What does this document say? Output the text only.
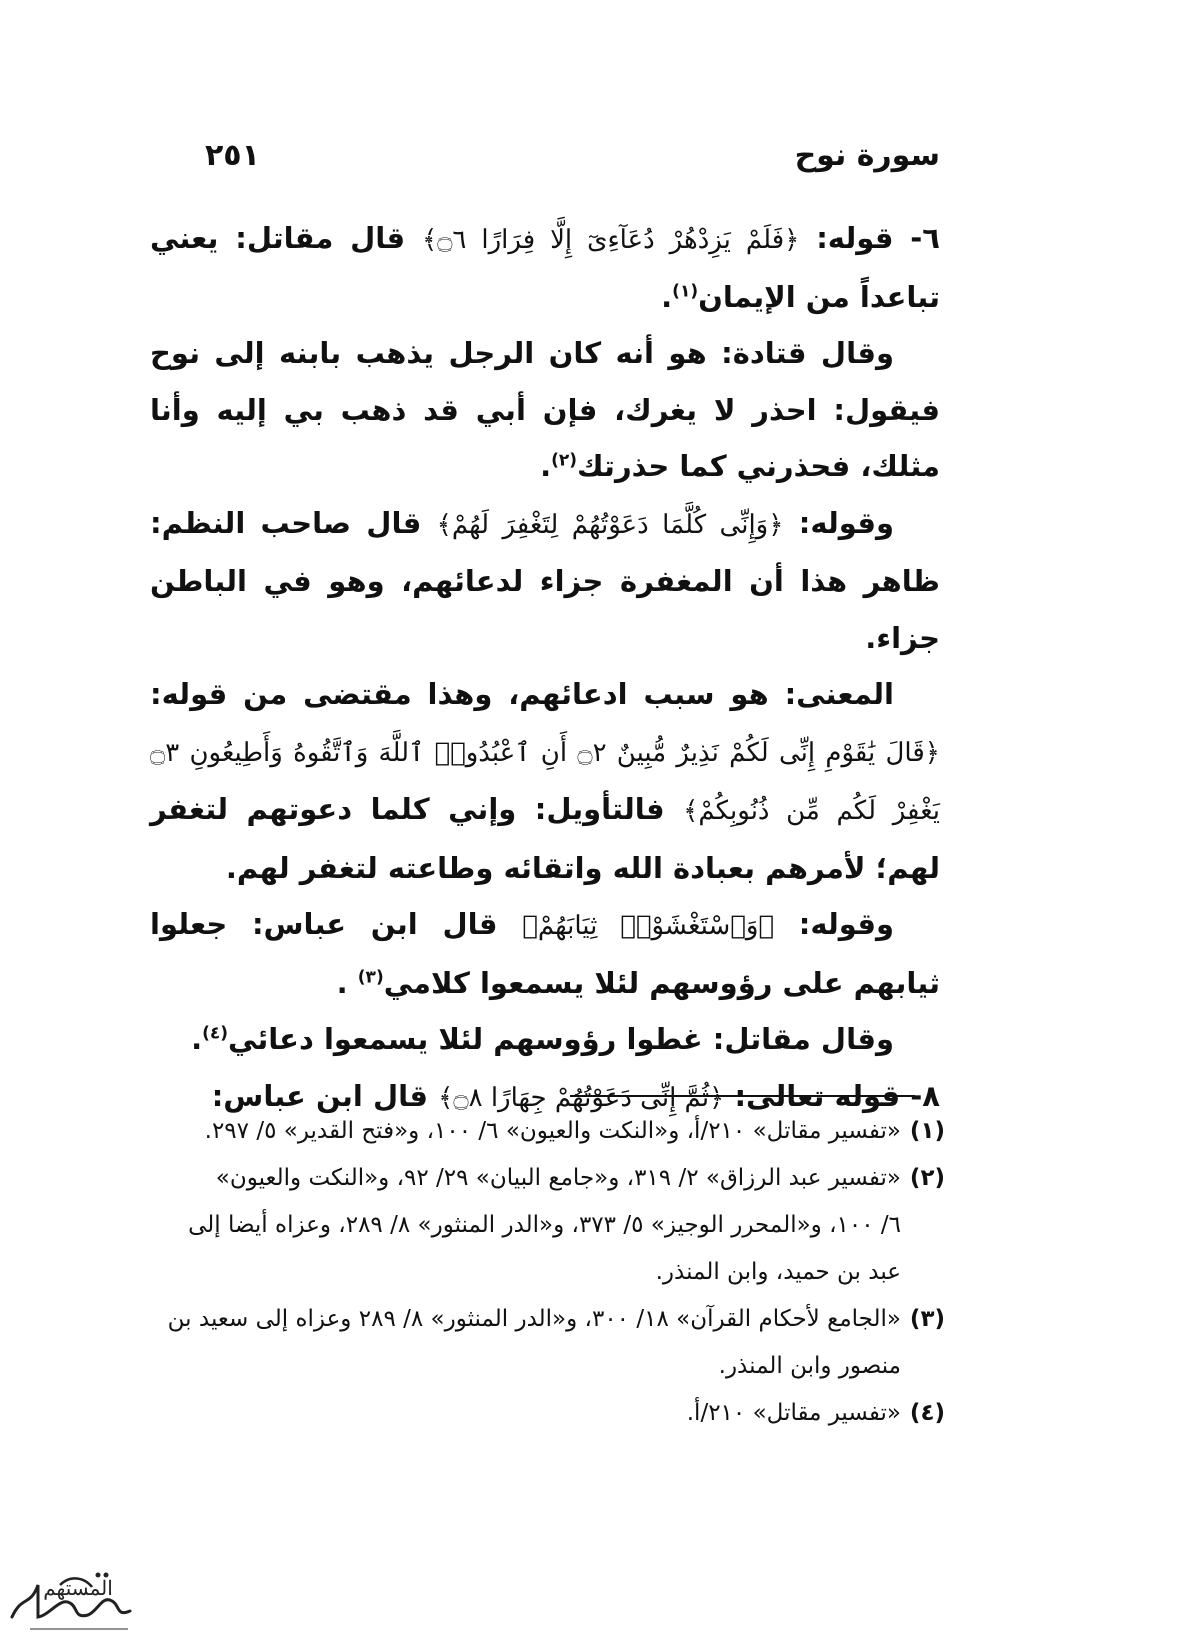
سورة نوح
٢٥١

٦- قوله: ﴿فَلَمْ يَزِدْهُرْ دُعَآءِىٓ إِلَّا فِرَارًا ۝٦﴾ قال مقاتل: يعني تباعداً من الإيمان$^{(١)}$.

وقال قتادة: هو أنه كان الرجل يذهب بابنه إلى نوح فيقول: احذر لا يغرك، فإن أبي قد ذهب بي إليه وأنا مثلك، فحذرني كما حذرتك$^{(٢)}$.

وقوله: ﴿وَإِنِّى كُلَّمَا دَعَوْتُهُمْ لِتَغْفِرَ لَهُمْ﴾ قال صاحب النظم: ظاهر هذا أن المغفرة جزاء لدعائهم، وهو في الباطن جزاء.

المعنى: هو سبب ادعائهم، وهذا مقتضى من قوله: ﴿قَالَ يَٰقَوْمِ إِنِّى لَكُمْ نَذِيرٌ مُّبِينٌ ۝٢ أَنِ ٱعْبُدُوا۟ ٱللَّهَ وَٱتَّقُوهُ وَأَطِيعُونِ ۝٣ يَغْفِرْ لَكُم مِّن ذُنُوبِكُمْ﴾ فالتأويل: وإني كلما دعوتهم لتغفر لهم؛ لأمرهم بعبادة الله واتقائه وطاعته لتغفر لهم.

وقوله: ﴿وَٱسْتَغْشَوْا۟ ثِيَابَهُمْ﴾ قال ابن عباس: جعلوا ثيابهم على رؤوسهم لئلا يسمعوا كلامي$^{(٣)}$ .

وقال مقاتل: غطوا رؤوسهم لئلا يسمعوا دعائي$^{(٤)}$.

٨- قوله تعالى: ﴿ثُمَّ إِنِّى دَعَوْتُهُمْ جِهَارًا ۝٨﴾ قال ابن عباس:

(١)«تفسير مقاتل» ٢١٠/أ، و«النكت والعيون» ٦/ ١٠٠، و«فتح القدير» ٥/ ٢٩٧.
(٢)«تفسير عبد الرزاق» ٢/ ٣١٩، و«جامع البيان» ٢٩/ ٩٢، و«النكت والعيون»
٦/ ١٠٠، و«المحرر الوجيز» ٥/ ٣٧٣، و«الدر المنثور» ٨/ ٢٨٩، وعزاه أيضا إلى
عبد بن حميد، وابن المنذر.
(٣)«الجامع لأحكام القرآن» ١٨/ ٣٠٠، و«الدر المنثور» ٨/ ٢٨٩ وعزاه إلى سعيد بن
منصور وابن المنذر.
(٤)«تفسير مقاتل» ٢١٠/أ.
المستهم
